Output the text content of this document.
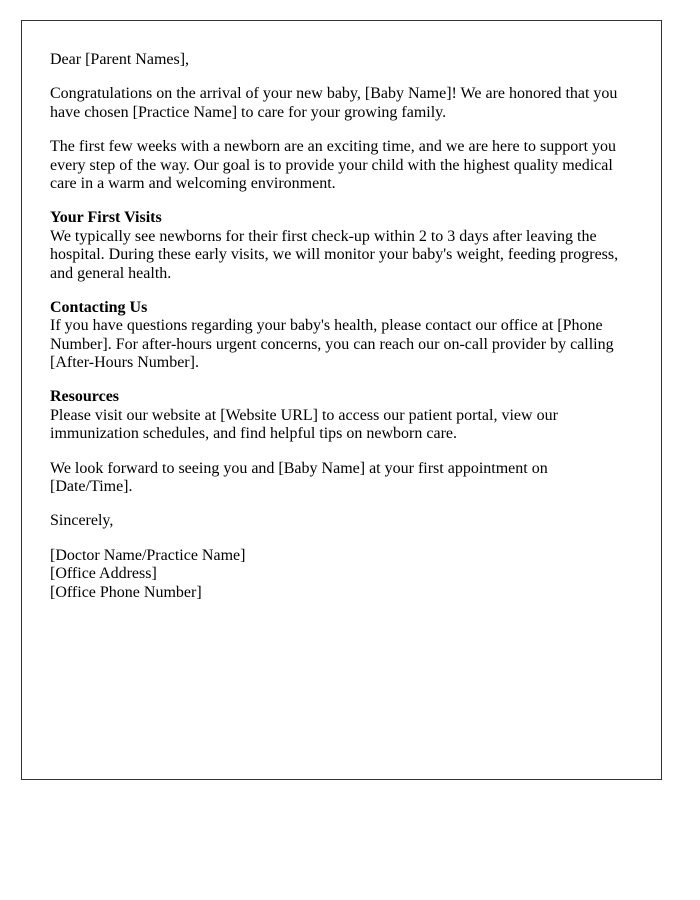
Dear [Parent Names],

Congratulations on the arrival of your new baby, [Baby Name]! We are honored that you
have chosen [Practice Name] to care for your growing family.

The first few weeks with a newborn are an exciting time, and we are here to support you
every step of the way. Our goal is to provide your child with the highest quality medical
care in a warm and welcoming environment.

Your First Visits
We typically see newborns for their first check-up within 2 to 3 days after leaving the
hospital. During these early visits, we will monitor your baby's weight, feeding progress,
and general health.

Contacting Us
If you have questions regarding your baby's health, please contact our office at [Phone
Number]. For after-hours urgent concerns, you can reach our on-call provider by calling
[After-Hours Number].

Resources
Please visit our website at [Website URL] to access our patient portal, view our
immunization schedules, and find helpful tips on newborn care.

We look forward to seeing you and [Baby Name] at your first appointment on
[Date/Time].

Sincerely,

[Doctor Name/Practice Name]
[Office Address]
[Office Phone Number]
